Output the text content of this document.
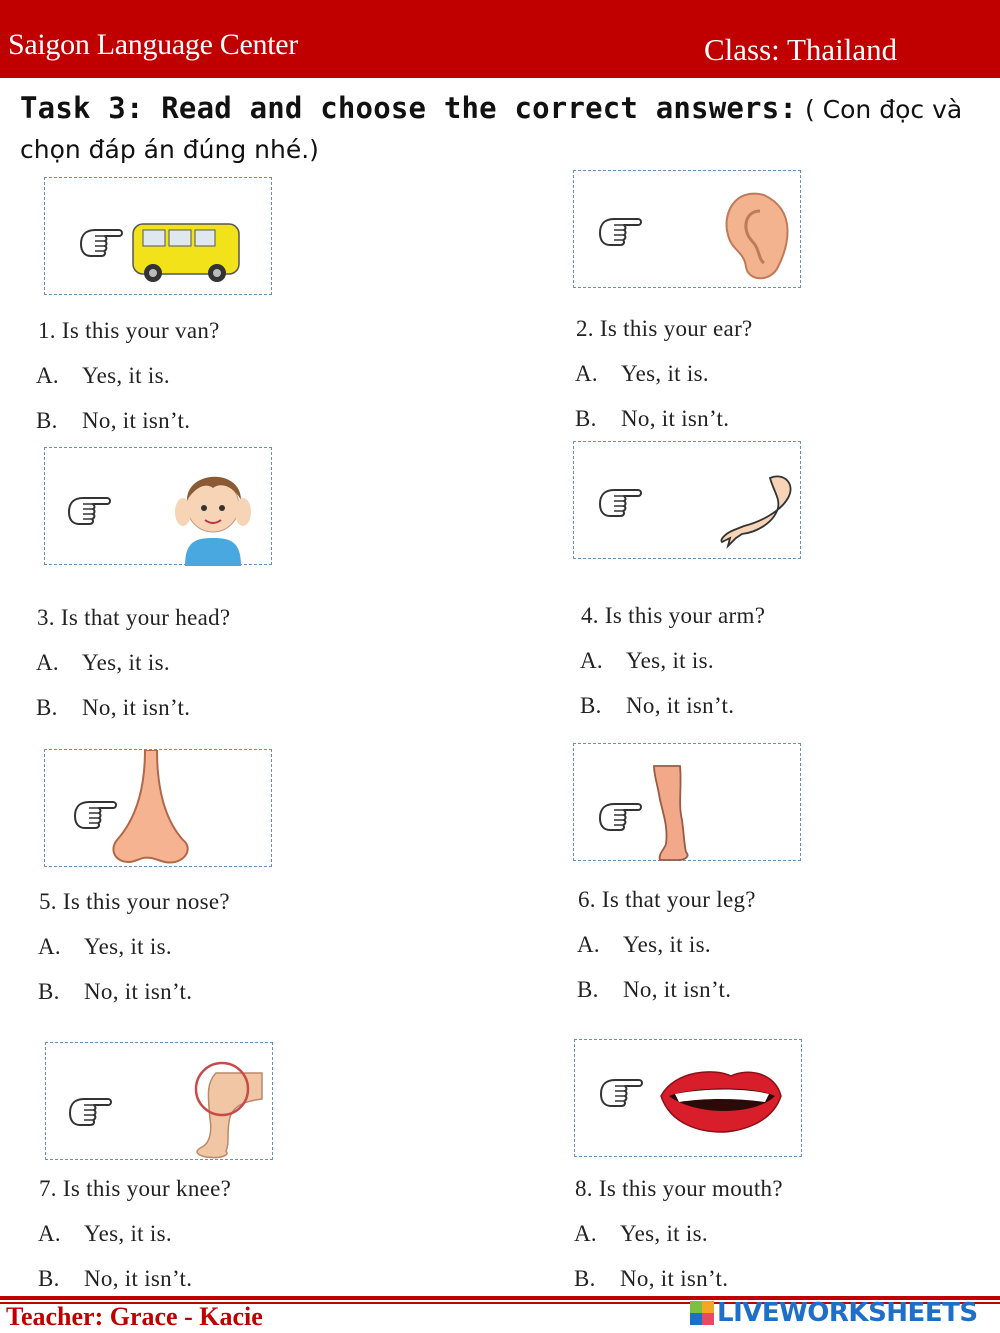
Saigon Language Center	Class: Thailand
Task 3: Read and choose the correct answers: ( Con đọc và chọn đáp án đúng nhé.)
1. Is this your van?
A. Yes, it is.
B. No, it isn’t.
2. Is this your ear?
A. Yes, it is.
B. No, it isn’t.
3. Is that your head?
A. Yes, it is.
B. No, it isn’t.
4. Is this your arm?
A. Yes, it is.
B. No, it isn’t.
5. Is this your nose?
A. Yes, it is.
B. No, it isn’t.
6. Is that your leg?
A. Yes, it is.
B. No, it isn’t.
7. Is this your knee?
A. Yes, it is.
B. No, it isn’t.
8. Is this your mouth?
A. Yes, it is.
B. No, it isn’t.
Teacher: Grace - Kacie	LIVEWORKSHEETS
